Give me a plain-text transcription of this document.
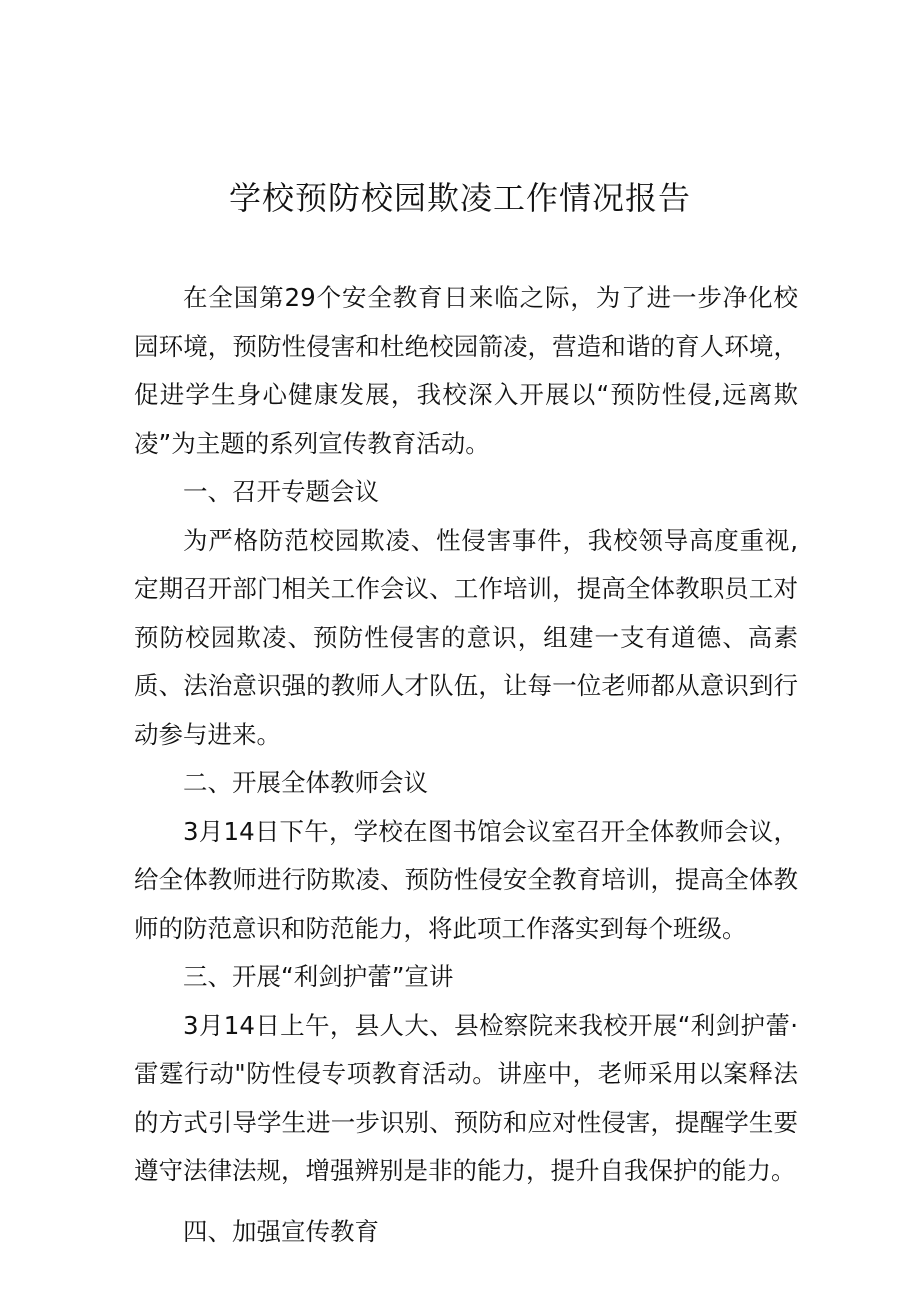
学校预防校园欺凌工作情况报告

在全国第29个安全教育日来临之际，为了进一步净化校园环境，预防性侵害和杜绝校园箭凌，营造和谐的育人环境，促进学生身心健康发展，我校深入开展以“预防性侵,远离欺凌”为主题的系列宣传教育活动。

一、召开专题会议

为严格防范校园欺凌、性侵害事件，我校领导高度重视,定期召开部门相关工作会议、工作培训，提高全体教职员工对预防校园欺凌、预防性侵害的意识，组建一支有道德、高素质、法治意识强的教师人才队伍，让每一位老师都从意识到行动参与进来。

二、开展全体教师会议

3月14日下午，学校在图书馆会议室召开全体教师会议，给全体教师进行防欺凌、预防性侵安全教育培训，提高全体教师的防范意识和防范能力，将此项工作落实到每个班级。

三、开展“利剑护蕾”宣讲

3月14日上午，县人大、县检察院来我校开展“利剑护蕾·雷霆行动"防性侵专项教育活动。讲座中，老师采用以案释法的方式引导学生进一步识别、预防和应对性侵害，提醒学生要遵守法律法规，增强辨别是非的能力，提升自我保护的能力。

四、加强宣传教育
